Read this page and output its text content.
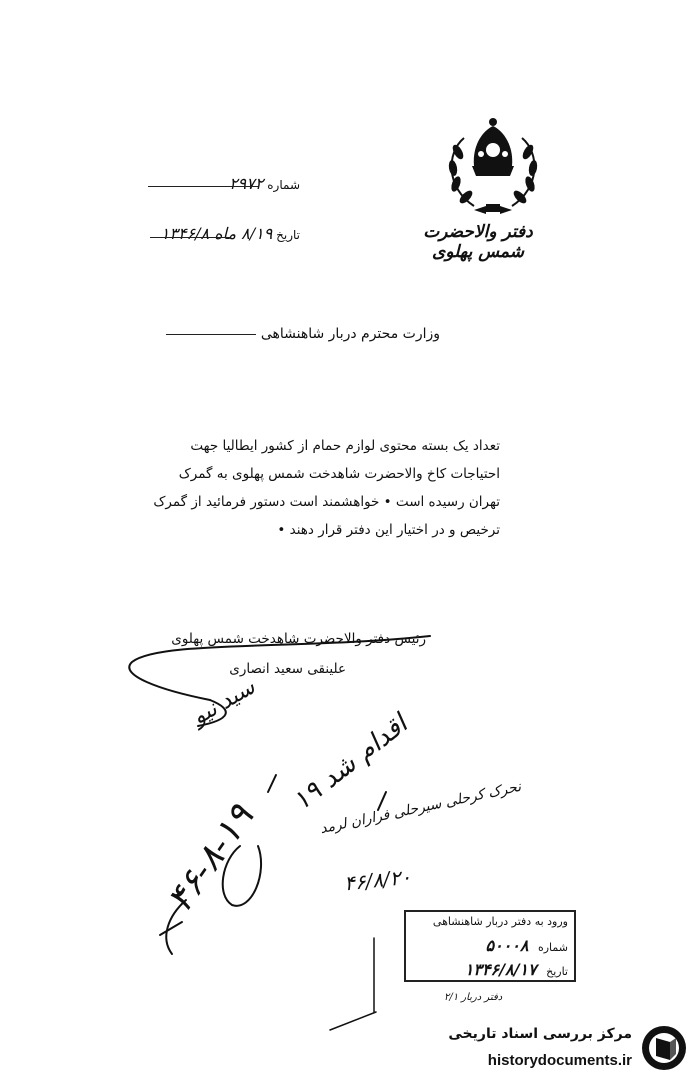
دفتر والاحضرت شمس پهلوی
شماره ۲۹۷۲
تاریخ ۸/۱۹ ماه ۱۳۴۶/۸
وزارت محترم دربار شاهنشاهی
تعداد یک بسته محتوی لوازم حمام از کشور ایطالیا جهت
احتیاجات کاخ والاحضرت شاهدخت شمس پهلوی به گمرک
تهران رسیده است • خواهشمند است دستور فرمائید از گمرک
ترخیص و در اختیار این دفتر قرار دهند •
رئیس دفتر والاحضرت شاهدخت شمس پهلوی
علینقی سعید انصاری
سید نیو
اقدام شد ۱۹
نحرک کرحلی سیرحلی فراران لرمد
۴۶/۸/۲۰
۴۶-۸-۱۹
ورود به دفتر دربار شاهنشاهی
شماره ۵۰۰۰۸
تاریخ ۱۳۴۶/۸/۱۷
دفتر دربار ۲/۱
مرکز بررسی اسناد تاریخی
historydocuments.ir
